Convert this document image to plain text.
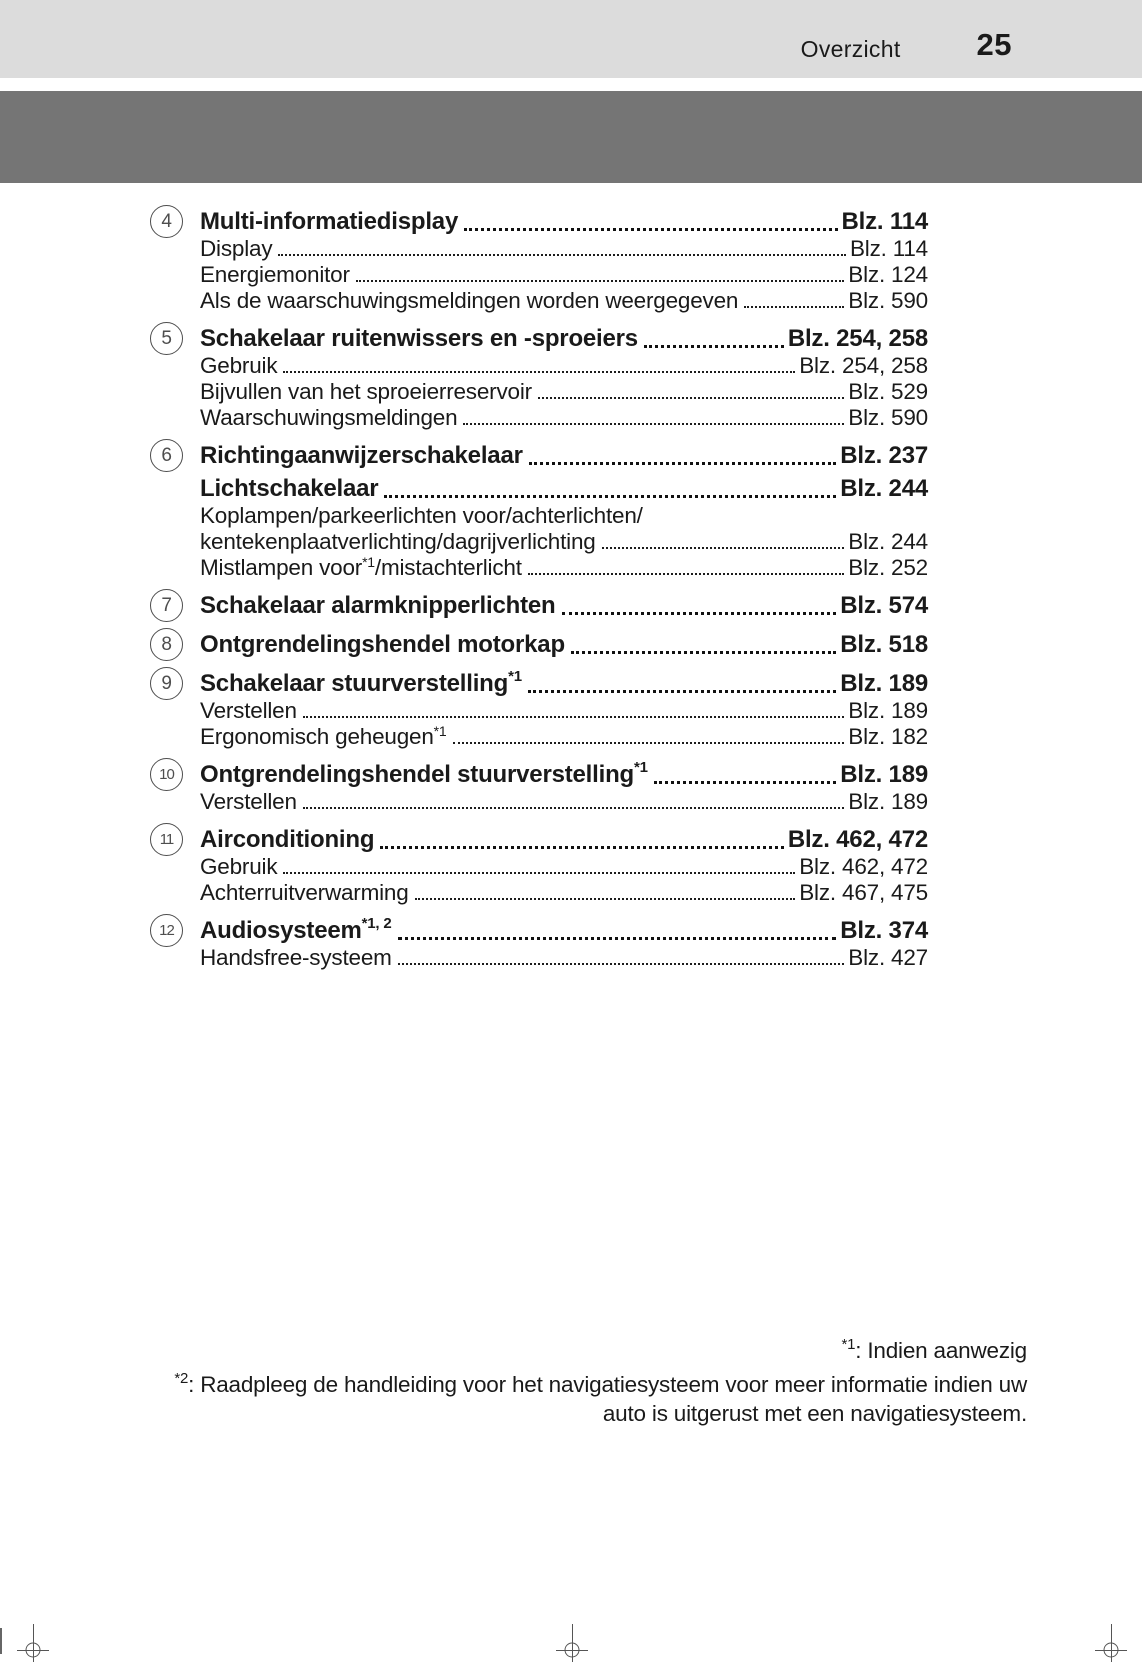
Overzicht 25
4	Multi-informatiedisplay	Blz. 114
Display	Blz. 114
Energiemonitor	Blz. 124
Als de waarschuwingsmeldingen worden weergegeven	Blz. 590
5	Schakelaar ruitenwissers en -sproeiers	Blz. 254, 258
Gebruik	Blz. 254, 258
Bijvullen van het sproeierreservoir	Blz. 529
Waarschuwingsmeldingen	Blz. 590
6	Richtingaanwijzerschakelaar	Blz. 237
Lichtschakelaar	Blz. 244
Koplampen/parkeerlichten voor/achterlichten/
kentekenplaatverlichting/dagrijverlichting	Blz. 244
Mistlampen voor$^{*1}$/mistachterlicht	Blz. 252
7	Schakelaar alarmknipperlichten	Blz. 574
8	Ontgrendelingshendel motorkap	Blz. 518
9	Schakelaar stuurverstelling$^{*1}$	Blz. 189
Verstellen	Blz. 189
Ergonomisch geheugen$^{*1}$	Blz. 182
10	Ontgrendelingshendel stuurverstelling$^{*1}$	Blz. 189
Verstellen	Blz. 189
11	Airconditioning	Blz. 462, 472
Gebruik	Blz. 462, 472
Achterruitverwarming	Blz. 467, 475
12	Audiosysteem$^{*1, 2}$	Blz. 374
Handsfree-systeem	Blz. 427
$^{*1}$: Indien aanwezig
$^{*2}$: Raadpleeg de handleiding voor het navigatiesysteem voor meer informatie indien uw auto is uitgerust met een navigatiesysteem.
